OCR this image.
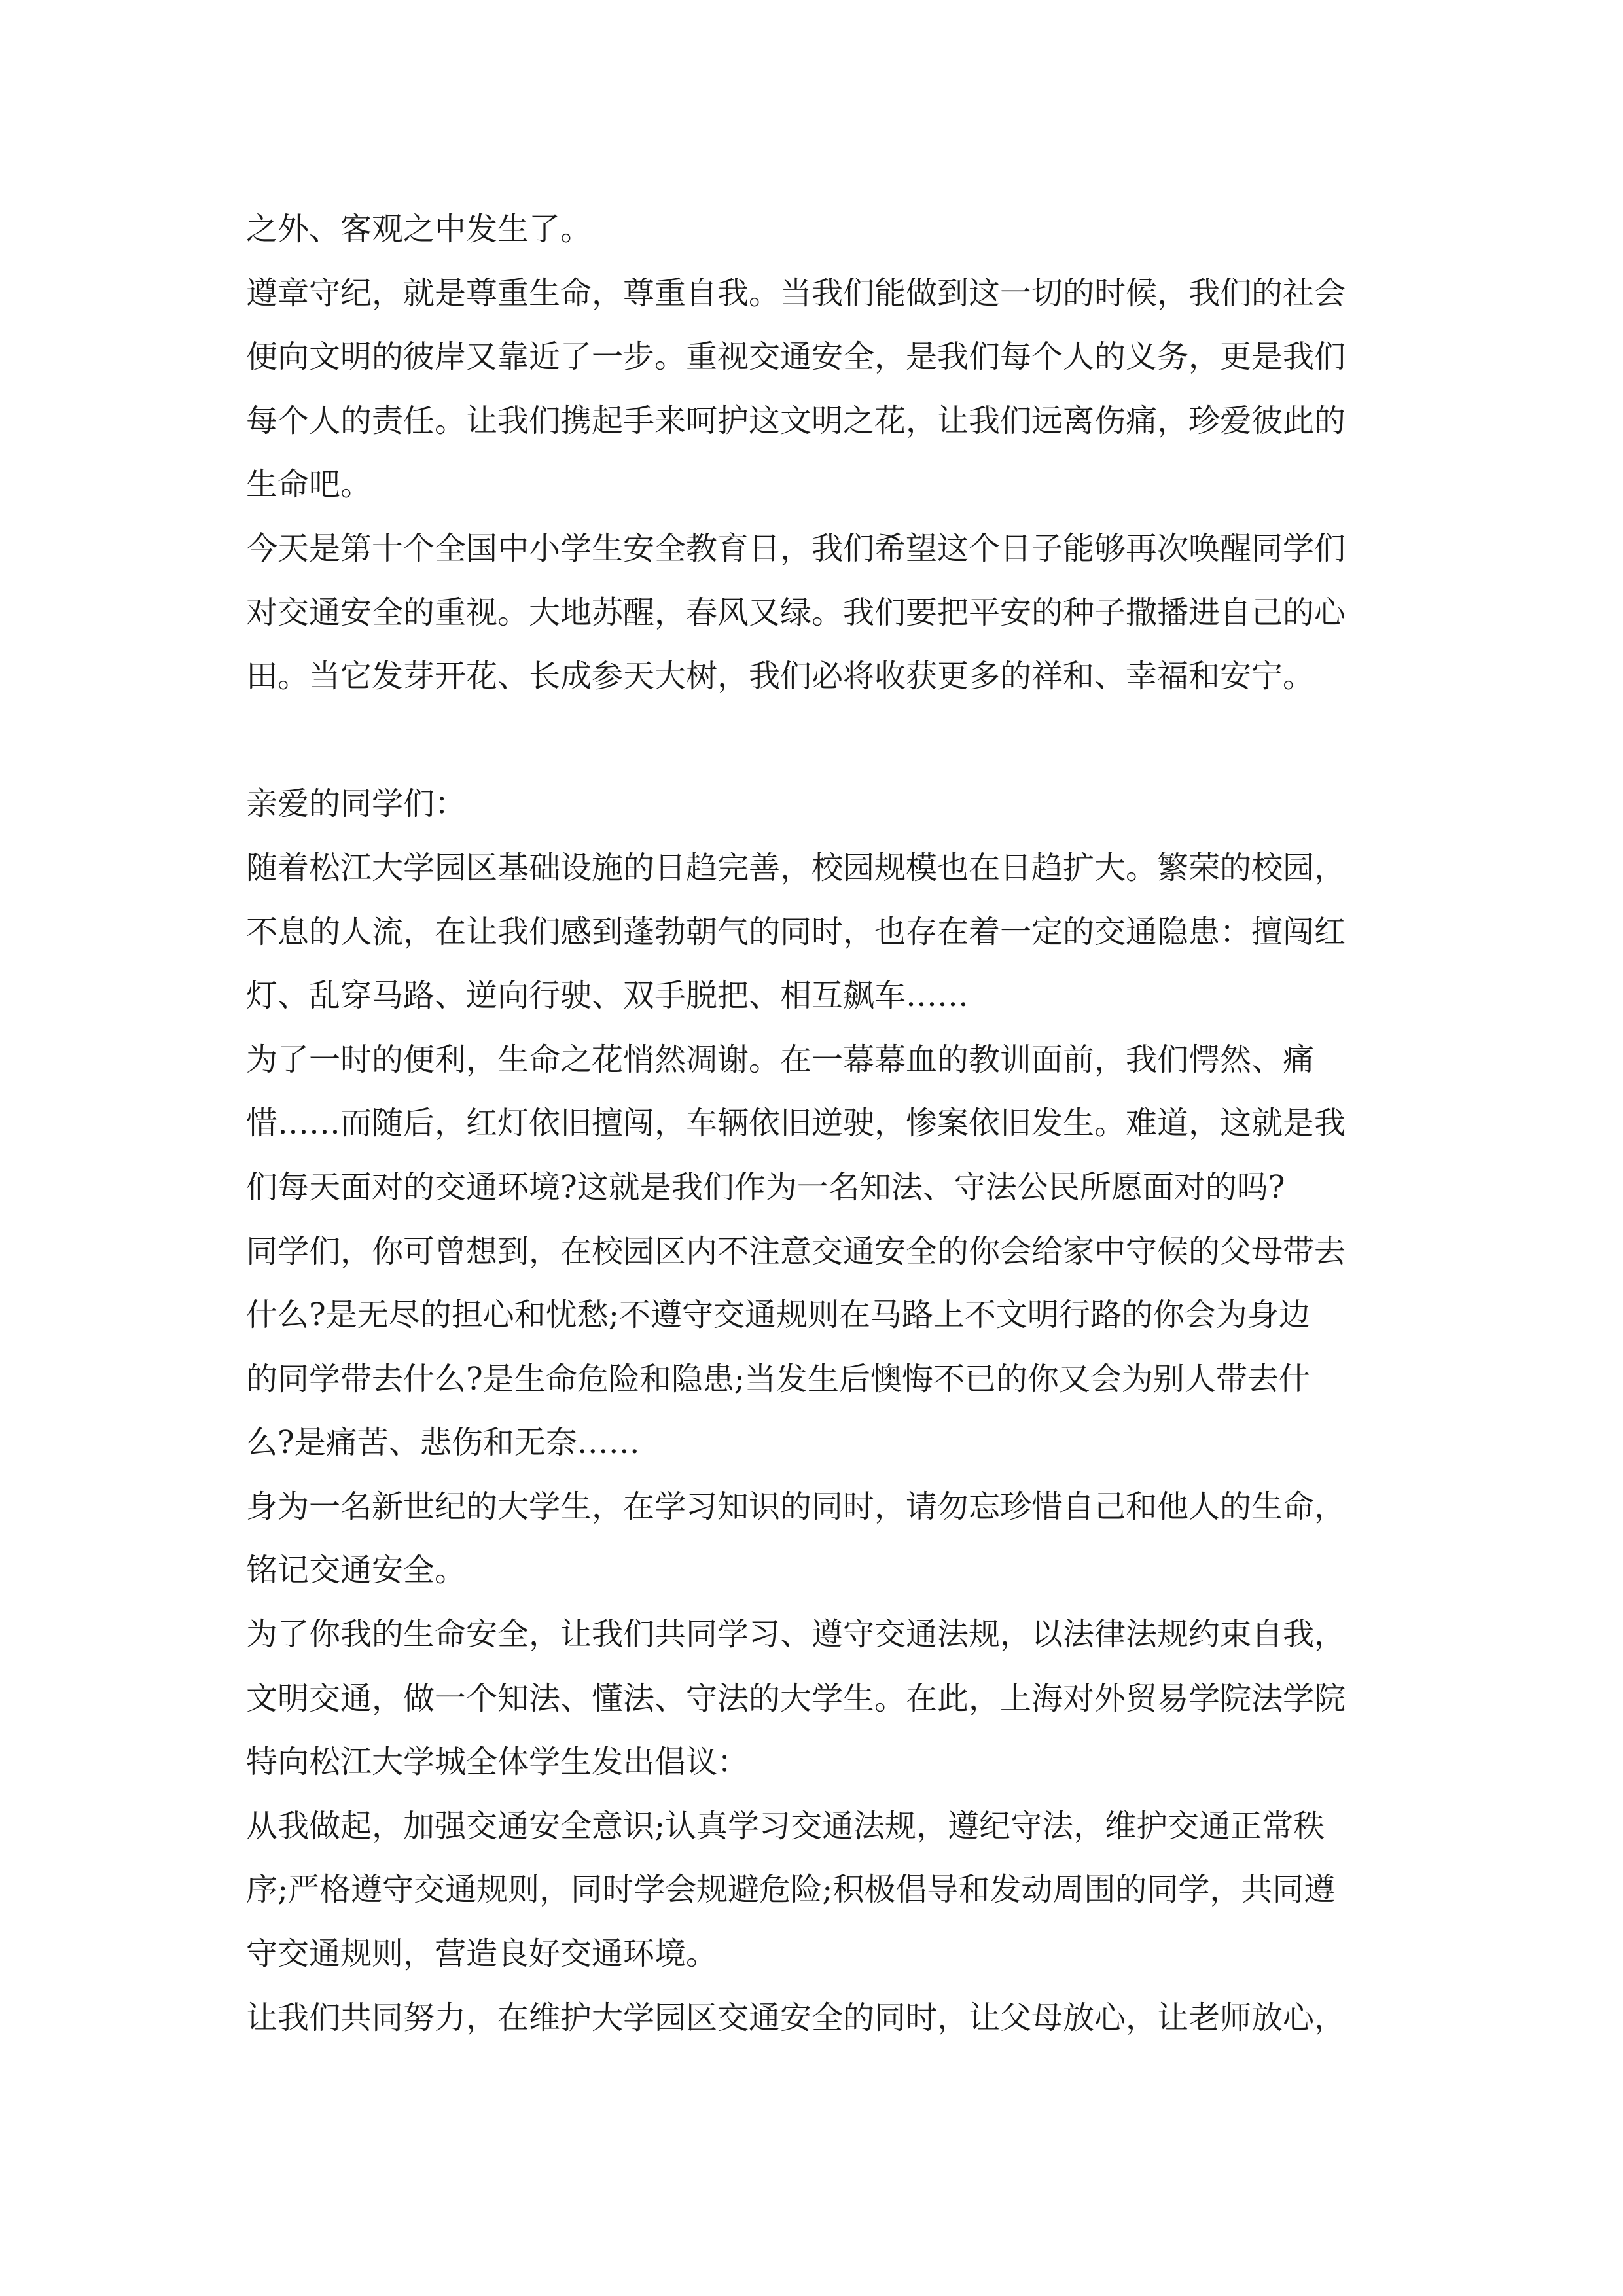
之外、客观之中发生了。
遵章守纪，就是尊重生命，尊重自我。当我们能做到这一切的时候，我们的社会
便向文明的彼岸又靠近了一步。重视交通安全，是我们每个人的义务，更是我们
每个人的责任。让我们携起手来呵护这文明之花，让我们远离伤痛，珍爱彼此的
生命吧。
今天是第十个全国中小学生安全教育日，我们希望这个日子能够再次唤醒同学们
对交通安全的重视。大地苏醒，春风又绿。我们要把平安的种子撒播进自己的心
田。当它发芽开花、长成参天大树，我们必将收获更多的祥和、幸福和安宁。
亲爱的同学们：
随着松江大学园区基础设施的日趋完善，校园规模也在日趋扩大。繁荣的校园，
不息的人流，在让我们感到蓬勃朝气的同时，也存在着一定的交通隐患：擅闯红
灯、乱穿马路、逆向行驶、双手脱把、相互飙车……
为了一时的便利，生命之花悄然凋谢。在一幕幕血的教训面前，我们愕然、痛
惜……而随后，红灯依旧擅闯，车辆依旧逆驶，惨案依旧发生。难道，这就是我
们每天面对的交通环境?这就是我们作为一名知法、守法公民所愿面对的吗?
同学们，你可曾想到，在校园区内不注意交通安全的你会给家中守候的父母带去
什么?是无尽的担心和忧愁;不遵守交通规则在马路上不文明行路的你会为身边
的同学带去什么?是生命危险和隐患;当发生后懊悔不已的你又会为别人带去什
么?是痛苦、悲伤和无奈……
身为一名新世纪的大学生，在学习知识的同时，请勿忘珍惜自己和他人的生命，
铭记交通安全。
为了你我的生命安全，让我们共同学习、遵守交通法规，以法律法规约束自我，
文明交通，做一个知法、懂法、守法的大学生。在此，上海对外贸易学院法学院
特向松江大学城全体学生发出倡议：
从我做起，加强交通安全意识;认真学习交通法规，遵纪守法，维护交通正常秩
序;严格遵守交通规则，同时学会规避危险;积极倡导和发动周围的同学，共同遵
守交通规则，营造良好交通环境。
让我们共同努力，在维护大学园区交通安全的同时，让父母放心，让老师放心，
